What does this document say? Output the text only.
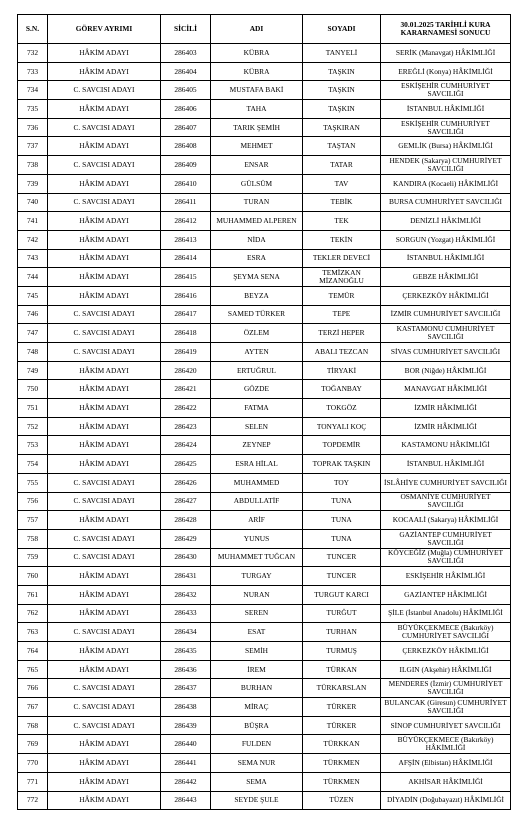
S.N.	GÖREV AYRIMI	SİCİLİ	ADI	SOYADI	30.01.2025 TARİHLİ KURA KARARNAMESİ SONUCU
732	HÂKİM ADAYI	286403	KÜBRA	TANYELİ	SERİK (Manavgat) HÂKİMLİĞİ
733	HÂKİM ADAYI	286404	KÜBRA	TAŞKIN	EREĞLİ (Konya) HÂKİMLİĞİ
734	C. SAVCISI ADAYI	286405	MUSTAFA BAKİ	TAŞKIN	ESKİŞEHİR CUMHURİYET SAVCILIĞI
735	HÂKİM ADAYI	286406	TAHA	TAŞKIN	İSTANBUL HÂKİMLİĞİ
736	C. SAVCISI ADAYI	286407	TARIK ŞEMİH	TAŞKIRAN	ESKİŞEHİR CUMHURİYET SAVCILIĞI
737	HÂKİM ADAYI	286408	MEHMET	TAŞTAN	GEMLİK (Bursa) HÂKİMLİĞİ
738	C. SAVCISI ADAYI	286409	ENSAR	TATAR	HENDEK (Sakarya) CUMHURİYET SAVCILIĞI
739	HÂKİM ADAYI	286410	GÜLSÜM	TAV	KANDIRA (Kocaeli) HÂKİMLİĞİ
740	C. SAVCISI ADAYI	286411	TURAN	TEBİK	BURSA CUMHURİYET SAVCILIĞI
741	HÂKİM ADAYI	286412	MUHAMMED ALPEREN	TEK	DENİZLİ HÂKİMLİĞİ
742	HÂKİM ADAYI	286413	NİDA	TEKİN	SORGUN (Yozgat) HÂKİMLİĞİ
743	HÂKİM ADAYI	286414	ESRA	TEKLER DEVECİ	İSTANBUL HÂKİMLİĞİ
744	HÂKİM ADAYI	286415	ŞEYMA SENA	TEMİZKAN MİZANOĞLU	GEBZE HÂKİMLİĞİ
745	HÂKİM ADAYI	286416	BEYZA	TEMÜR	ÇERKEZKÖY HÂKİMLİĞİ
746	C. SAVCISI ADAYI	286417	SAMED TÜRKER	TEPE	İZMİR CUMHURİYET SAVCILIĞI
747	C. SAVCISI ADAYI	286418	ÖZLEM	TERZİ HEPER	KASTAMONU CUMHURİYET SAVCILIĞI
748	C. SAVCISI ADAYI	286419	AYTEN	ABALI TEZCAN	SİVAS CUMHURİYET SAVCILIĞI
749	HÂKİM ADAYI	286420	ERTUĞRUL	TİRYAKİ	BOR (Niğde) HÂKİMLİĞİ
750	HÂKİM ADAYI	286421	GÖZDE	TOĞANBAY	MANAVGAT HÂKİMLİĞİ
751	HÂKİM ADAYI	286422	FATMA	TOKGÖZ	İZMİR HÂKİMLİĞİ
752	HÂKİM ADAYI	286423	SELEN	TONYALI KOÇ	İZMİR HÂKİMLİĞİ
753	HÂKİM ADAYI	286424	ZEYNEP	TOPDEMİR	KASTAMONU HÂKİMLİĞİ
754	HÂKİM ADAYI	286425	ESRA HİLAL	TOPRAK TAŞKIN	İSTANBUL HÂKİMLİĞİ
755	C. SAVCISI ADAYI	286426	MUHAMMED	TOY	İSLÂHİYE CUMHURİYET SAVCILIĞI
756	C. SAVCISI ADAYI	286427	ABDULLATİF	TUNA	OSMANİYE CUMHURİYET SAVCILIĞI
757	HÂKİM ADAYI	286428	ARİF	TUNA	KOCAALİ (Sakarya) HÂKİMLİĞİ
758	C. SAVCISI ADAYI	286429	YUNUS	TUNA	GAZİANTEP CUMHURİYET SAVCILIĞI
759	C. SAVCISI ADAYI	286430	MUHAMMET TUĞCAN	TUNCER	KÖYCEĞİZ (Muğla) CUMHURİYET SAVCILIĞI
760	HÂKİM ADAYI	286431	TURGAY	TUNCER	ESKİŞEHİR HÂKİMLİĞİ
761	HÂKİM ADAYI	286432	NURAN	TURGUT KARCI	GAZİANTEP HÂKİMLİĞİ
762	HÂKİM ADAYI	286433	SEREN	TURĞUT	ŞİLE (İstanbul Anadolu) HÂKİMLİĞİ
763	C. SAVCISI ADAYI	286434	ESAT	TURHAN	BÜYÜKÇEKMECE (Bakırköy) CUMHURİYET SAVCILIĞI
764	HÂKİM ADAYI	286435	SEMİH	TURMUŞ	ÇERKEZKÖY HÂKİMLİĞİ
765	HÂKİM ADAYI	286436	İREM	TÜRKAN	ILGIN (Akşehir) HÂKİMLİĞİ
766	C. SAVCISI ADAYI	286437	BURHAN	TÜRKARSLAN	MENDERES (İzmir) CUMHURİYET SAVCILIĞI
767	C. SAVCISI ADAYI	286438	MİRAÇ	TÜRKER	BULANCAK (Giresun) CUMHURİYET SAVCILIĞI
768	C. SAVCISI ADAYI	286439	BÜŞRA	TÜRKER	SİNOP CUMHURİYET SAVCILIĞI
769	HÂKİM ADAYI	286440	FULDEN	TÜRKKAN	BÜYÜKÇEKMECE (Bakırköy) HÂKİMLİĞİ
770	HÂKİM ADAYI	286441	SEMA NUR	TÜRKMEN	AFŞİN (Elbistan) HÂKİMLİĞİ
771	HÂKİM ADAYI	286442	SEMA	TÜRKMEN	AKHİSAR HÂKİMLİĞİ
772	HÂKİM ADAYI	286443	SEYDE ŞULE	TÜZEN	DİYADİN (Doğubayazıt) HÂKİMLİĞİ
